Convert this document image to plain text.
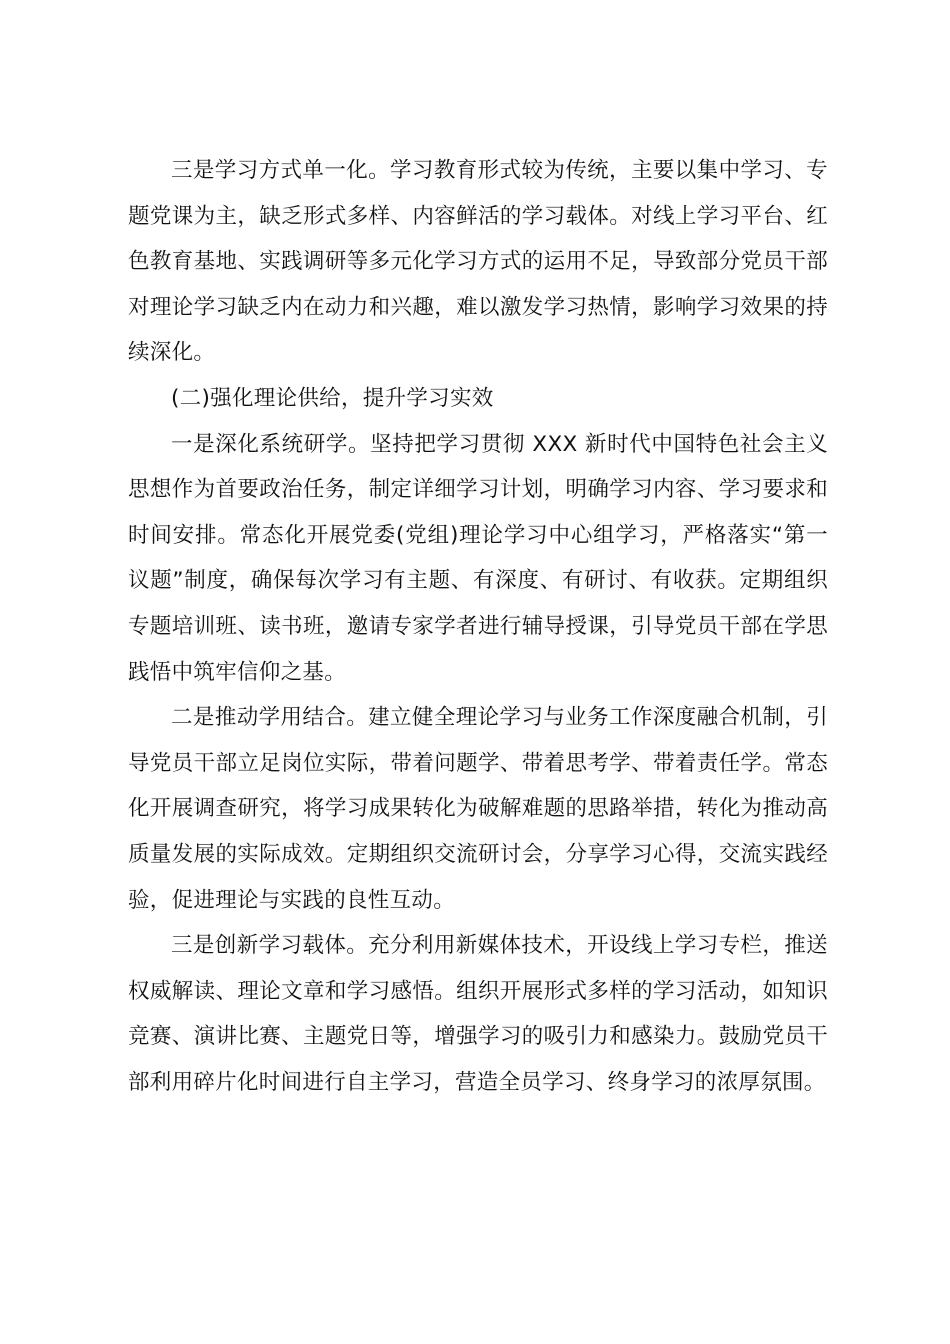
三是学习方式单一化。学习教育形式较为传统，主要以集中学习、专题党课为主，缺乏形式多样、内容鲜活的学习载体。对线上学习平台、红色教育基地、实践调研等多元化学习方式的运用不足，导致部分党员干部对理论学习缺乏内在动力和兴趣，难以激发学习热情，影响学习效果的持续深化。

(二)强化理论供给，提升学习实效

一是深化系统研学。坚持把学习贯彻 XXX 新时代中国特色社会主义思想作为首要政治任务，制定详细学习计划，明确学习内容、学习要求和时间安排。常态化开展党委(党组)理论学习中心组学习，严格落实“第一议题”制度，确保每次学习有主题、有深度、有研讨、有收获。定期组织专题培训班、读书班，邀请专家学者进行辅导授课，引导党员干部在学思践悟中筑牢信仰之基。

二是推动学用结合。建立健全理论学习与业务工作深度融合机制，引导党员干部立足岗位实际，带着问题学、带着思考学、带着责任学。常态化开展调查研究，将学习成果转化为破解难题的思路举措，转化为推动高质量发展的实际成效。定期组织交流研讨会，分享学习心得，交流实践经验，促进理论与实践的良性互动。

三是创新学习载体。充分利用新媒体技术，开设线上学习专栏，推送权威解读、理论文章和学习感悟。组织开展形式多样的学习活动，如知识竞赛、演讲比赛、主题党日等，增强学习的吸引力和感染力。鼓励党员干部利用碎片化时间进行自主学习，营造全员学习、终身学习的浓厚氛围。
